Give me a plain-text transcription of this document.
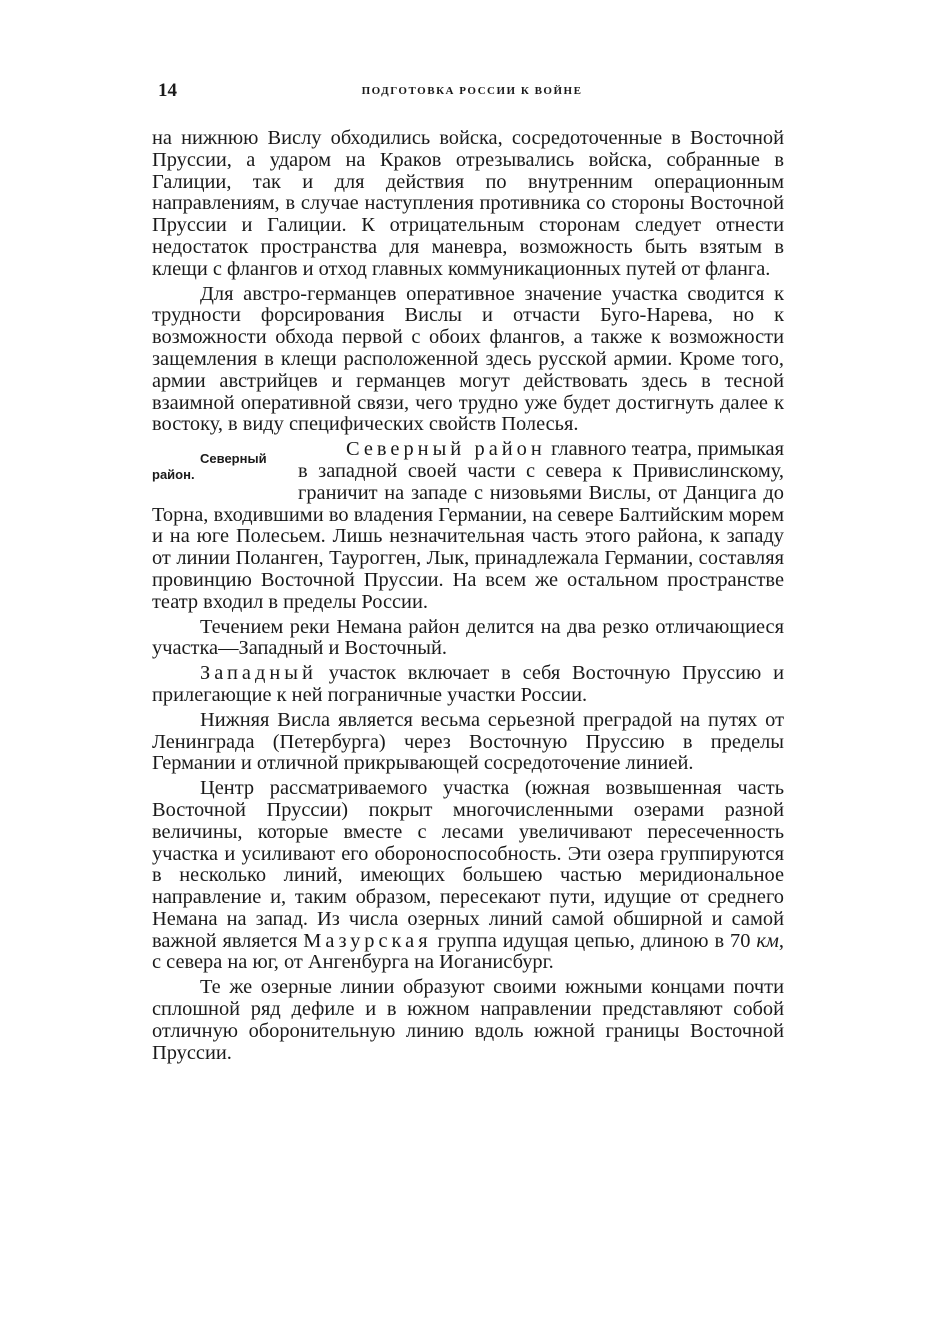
14	ПОДГОТОВКА РОССИИ К ВОЙНЕ

на нижнюю Вислу обходились войска, сосредоточенные в Восточной Пруссии, а ударом на Краков отрезывались войска, собранные в Галиции, так и для действия по внутренним операционным направлениям, в случае наступления противника со стороны Восточной Пруссии и Галиции. К отрицательным сторонам следует отнести недостаток пространства для маневра, возможность быть взятым в клещи с флангов и отход главных коммуникационных путей от фланга.

Для австро-германцев оперативное значение участка сводится к трудности форсирования Вислы и отчасти Буго-Нарева, но к возможности обхода первой с обоих флангов, а также к возможности защемления в клещи расположенной здесь русской армии. Кроме того, армии австрийцев и германцев могут действовать здесь в тесной взаимной оперативной связи, чего трудно уже будет достигнуть далее к востоку, в виду специфических свойств Полесья.

Северный район.
Северный район главного театра, примыкая в западной своей части с севера к Привислинскому, граничит на западе с низовьями Вислы, от Данцига до Торна, входившими во владения Германии, на севере Балтийским морем и на юге Полесьем. Лишь незначительная часть этого района, к западу от линии Поланген, Таурогген, Лык, принадлежала Германии, составляя провинцию Восточной Пруссии. На всем же остальном пространстве театр входил в пределы России.

Течением реки Немана район делится на два резко отличающиеся участка—Западный и Восточный.

Западный участок включает в себя Восточную Пруссию и прилегающие к ней пограничные участки России.

Нижняя Висла является весьма серьезной преградой на путях от Ленинграда (Петербурга) через Восточную Пруссию в пределы Германии и отличной прикрывающей сосредоточение линией.

Центр рассматриваемого участка (южная возвышенная часть Восточной Пруссии) покрыт многочисленными озерами разной величины, которые вместе с лесами увеличивают пересеченность участка и усиливают его обороноспособность. Эти озера группируются в несколько линий, имеющих большею частью меридиональное направление и, таким образом, пересекают пути, идущие от среднего Немана на запад. Из числа озерных линий самой обширной и самой важной является Мазурская группа идущая цепью, длиною в 70 км, с севера на юг, от Ангенбурга на Иоганисбург.

Те же озерные линии образуют своими южными концами почти сплошной ряд дефиле и в южном направлении представляют собой отличную оборонительную линию вдоль южной границы Восточной Пруссии.
